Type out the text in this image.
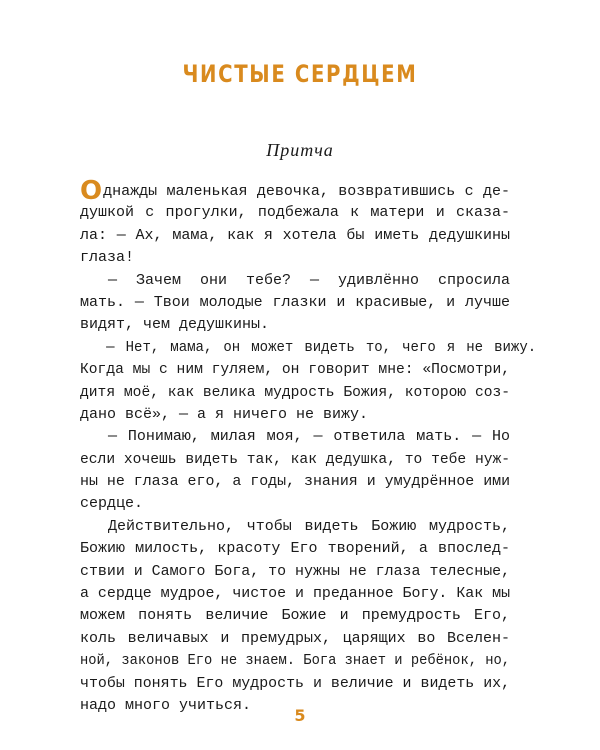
ЧИСТЫЕ СЕРДЦЕМ
Притча
Однажды маленькая девочка, возвратившись с де-
душкой с прогулки, подбежала к матери и сказа-
ла: — Ах, мама, как я хотела бы иметь дедушкины
глаза!
— Зачем они тебе? — удивлённо спросила
мать. — Твои молодые глазки и красивые, и лучше
видят, чем дедушкины.
— Нет, мама, он может видеть то, чего я не вижу.
Когда мы с ним гуляем, он говорит мне: «Посмотри,
дитя моё, как велика мудрость Божия, которою соз-
дано всё», — а я ничего не вижу.
— Понимаю, милая моя, — ответила мать. — Но
если хочешь видеть так, как дедушка, то тебе нуж-
ны не глаза его, а годы, знания и умудрённое ими
сердце.
Действительно, чтобы видеть Божию мудрость,
Божию милость, красоту Его творений, а впослед-
ствии и Самого Бога, то нужны не глаза телесные,
а сердце мудрое, чистое и преданное Богу. Как мы
можем понять величие Божие и премудрость Его,
коль величавых и премудрых, царящих во Вселен-
ной, законов Его не знаем. Бога знает и ребёнок, но,
чтобы понять Его мудрость и величие и видеть их,
надо много учиться.
5
